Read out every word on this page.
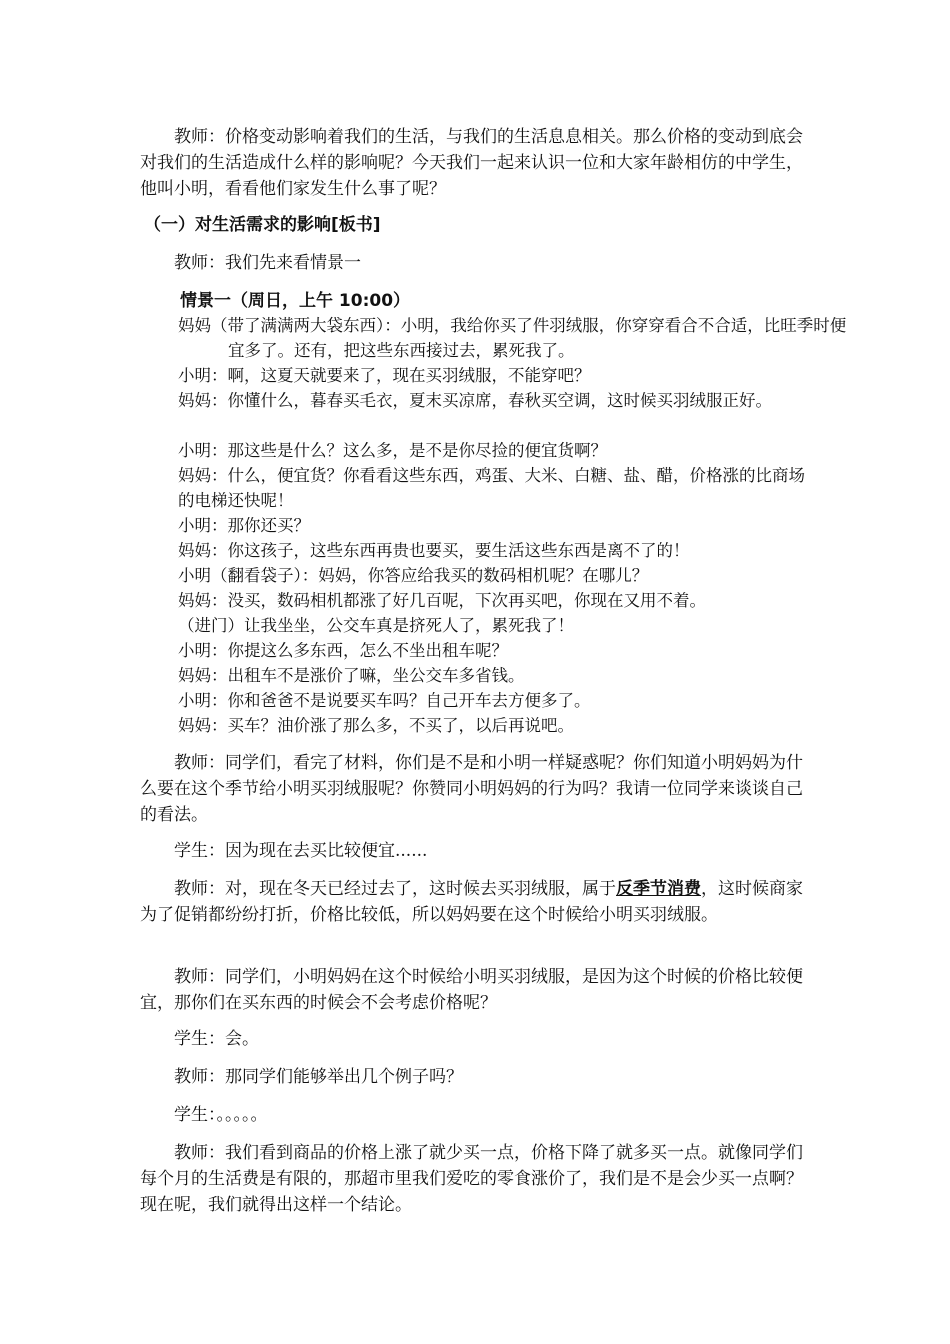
教师：价格变动影响着我们的生活，与我们的生活息息相关。那么价格的变动到底会对我们的生活造成什么样的影响呢？今天我们一起来认识一位和大家年龄相仿的中学生，他叫小明，看看他们家发生什么事了呢？

（一）对生活需求的影响[板书]

教师：我们先来看情景一

情景一（周日，上午 10:00）

妈妈（带了满满两大袋东西）：小明，我给你买了件羽绒服，你穿穿看合不合适，比旺季时便宜多了。还有，把这些东西接过去，累死我了。

小明：啊，这夏天就要来了，现在买羽绒服，不能穿吧？

妈妈：你懂什么，暮春买毛衣，夏末买凉席，春秋买空调，这时候买羽绒服正好。

小明：那这些是什么？这么多，是不是你尽捡的便宜货啊？

妈妈：什么，便宜货？你看看这些东西，鸡蛋、大米、白糖、盐、醋，价格涨的比商场的电梯还快呢！

小明：那你还买？

妈妈：你这孩子，这些东西再贵也要买，要生活这些东西是离不了的！

小明（翻看袋子）：妈妈，你答应给我买的数码相机呢？在哪儿？

妈妈：没买，数码相机都涨了好几百呢，下次再买吧，你现在又用不着。

（进门）让我坐坐，公交车真是挤死人了，累死我了！

小明：你提这么多东西，怎么不坐出租车呢？

妈妈：出租车不是涨价了嘛，坐公交车多省钱。

小明：你和爸爸不是说要买车吗？自己开车去方便多了。

妈妈：买车？油价涨了那么多，不买了，以后再说吧。

教师：同学们，看完了材料，你们是不是和小明一样疑惑呢？你们知道小明妈妈为什么要在这个季节给小明买羽绒服呢？你赞同小明妈妈的行为吗？我请一位同学来谈谈自己的看法。

学生：因为现在去买比较便宜......

教师：对，现在冬天已经过去了，这时候去买羽绒服，属于反季节消费，这时候商家为了促销都纷纷打折，价格比较低，所以妈妈要在这个时候给小明买羽绒服。

教师：同学们，小明妈妈在这个时候给小明买羽绒服，是因为这个时候的价格比较便宜，那你们在买东西的时候会不会考虑价格呢？

学生：会。

教师：那同学们能够举出几个例子吗？

学生：。。。。。

教师：我们看到商品的价格上涨了就少买一点，价格下降了就多买一点。就像同学们每个月的生活费是有限的，那超市里我们爱吃的零食涨价了，我们是不是会少买一点啊？现在呢，我们就得出这样一个结论。
